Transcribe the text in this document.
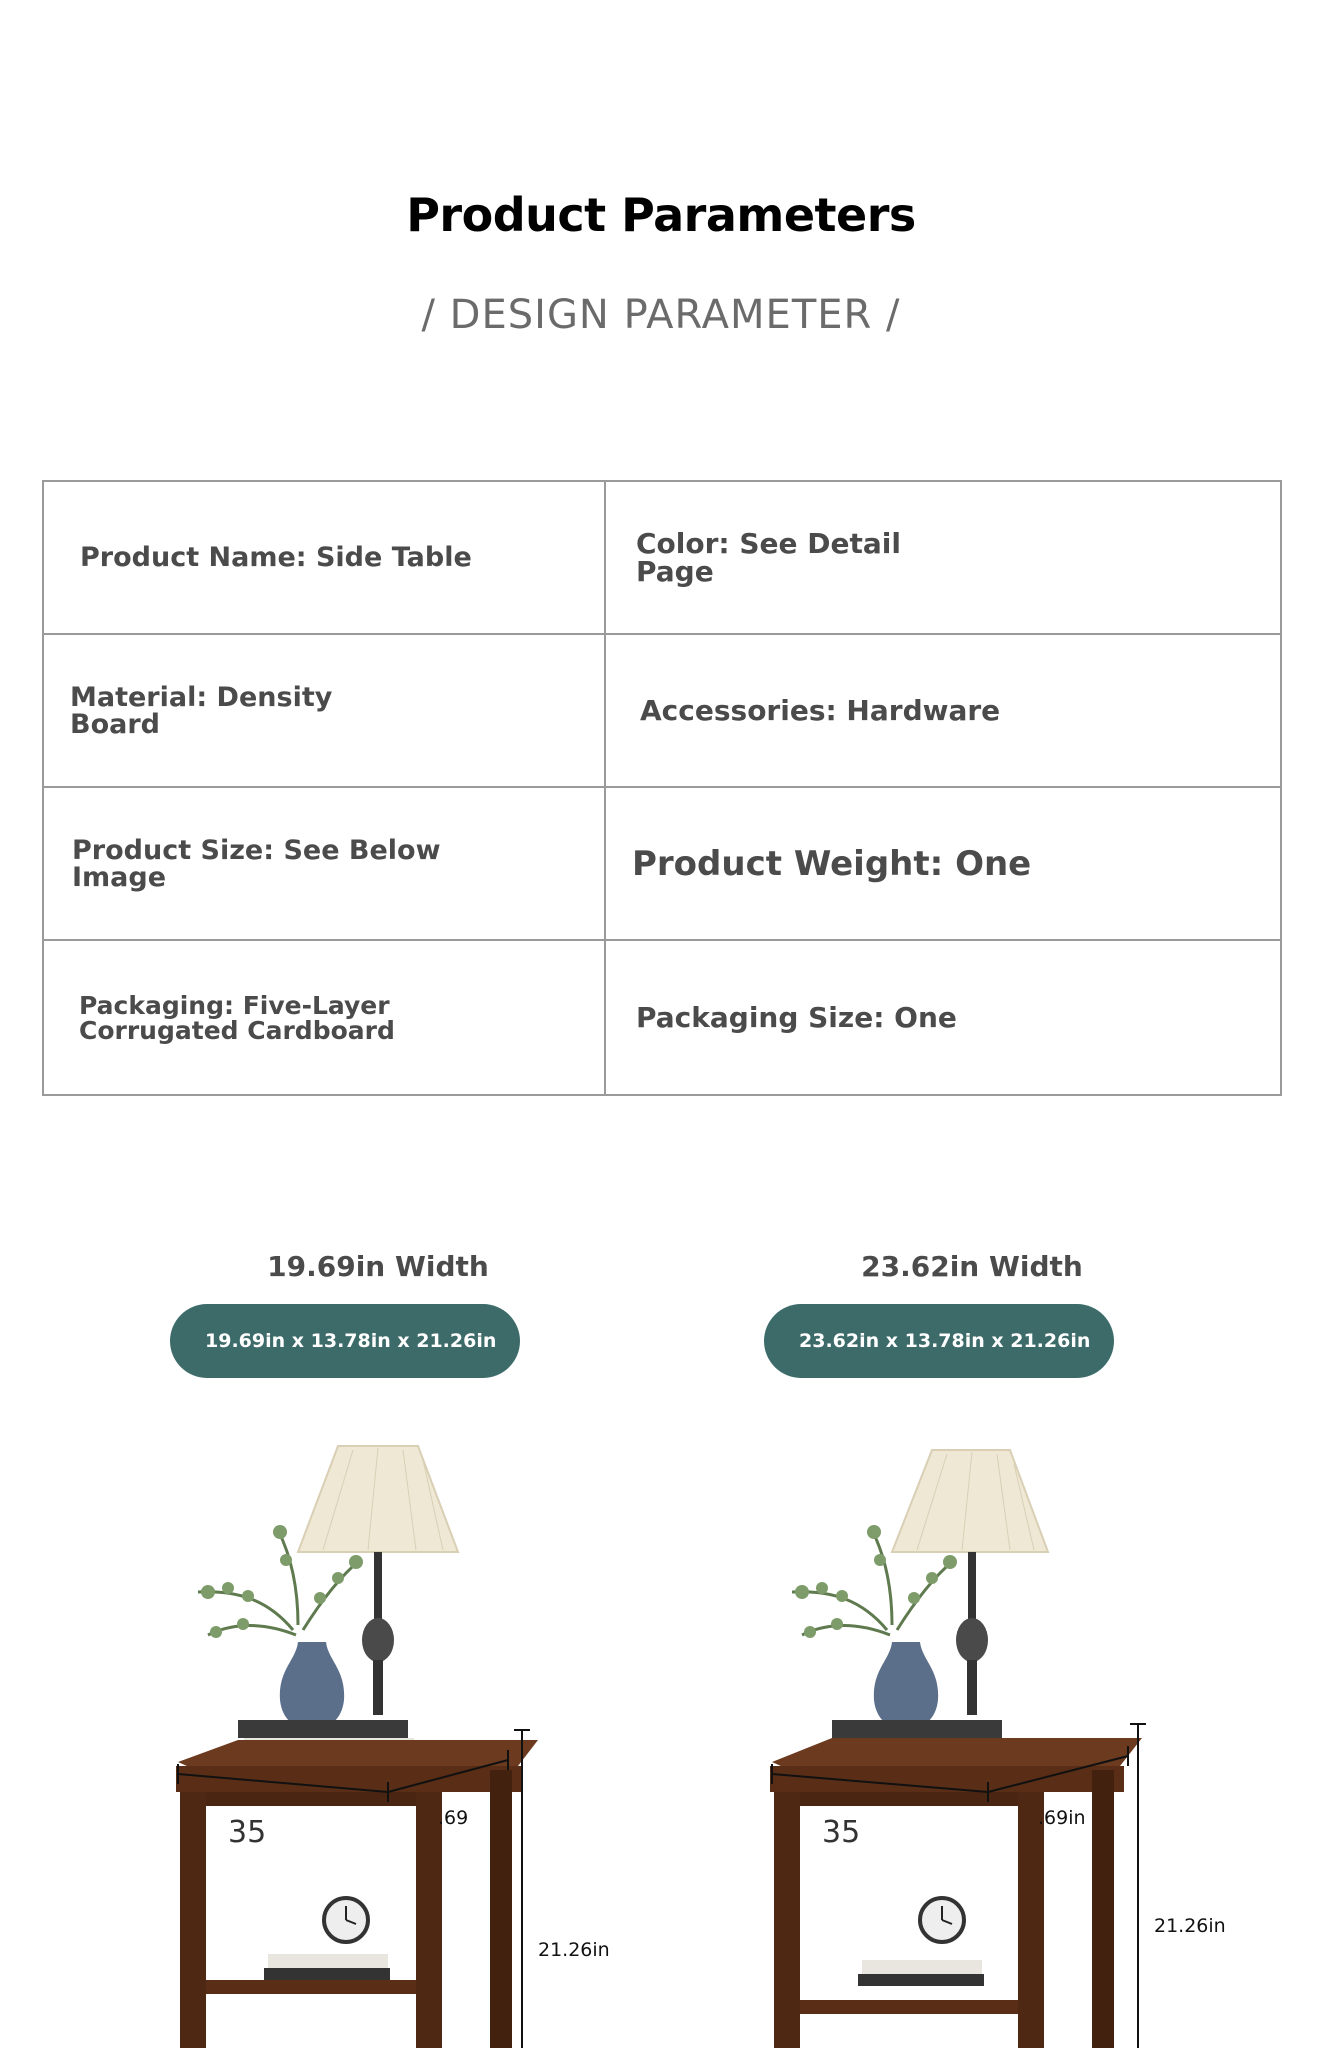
Product Parameters
/ DESIGN PARAMETER /
Product Name: Side Table	Color: See Detail
Page
Material: Density
Board	Accessories: Hardware
Product Size: See Below
Image	Product Weight: One
Packaging: Five-Layer
Corrugated Cardboard	Packaging Size: One
19.69in Width
19.69in x 13.78in x 21.26in
35	.69
21.26in
23.62in Width
23.62in x 13.78in x 21.26in
35	.69in
21.26in
